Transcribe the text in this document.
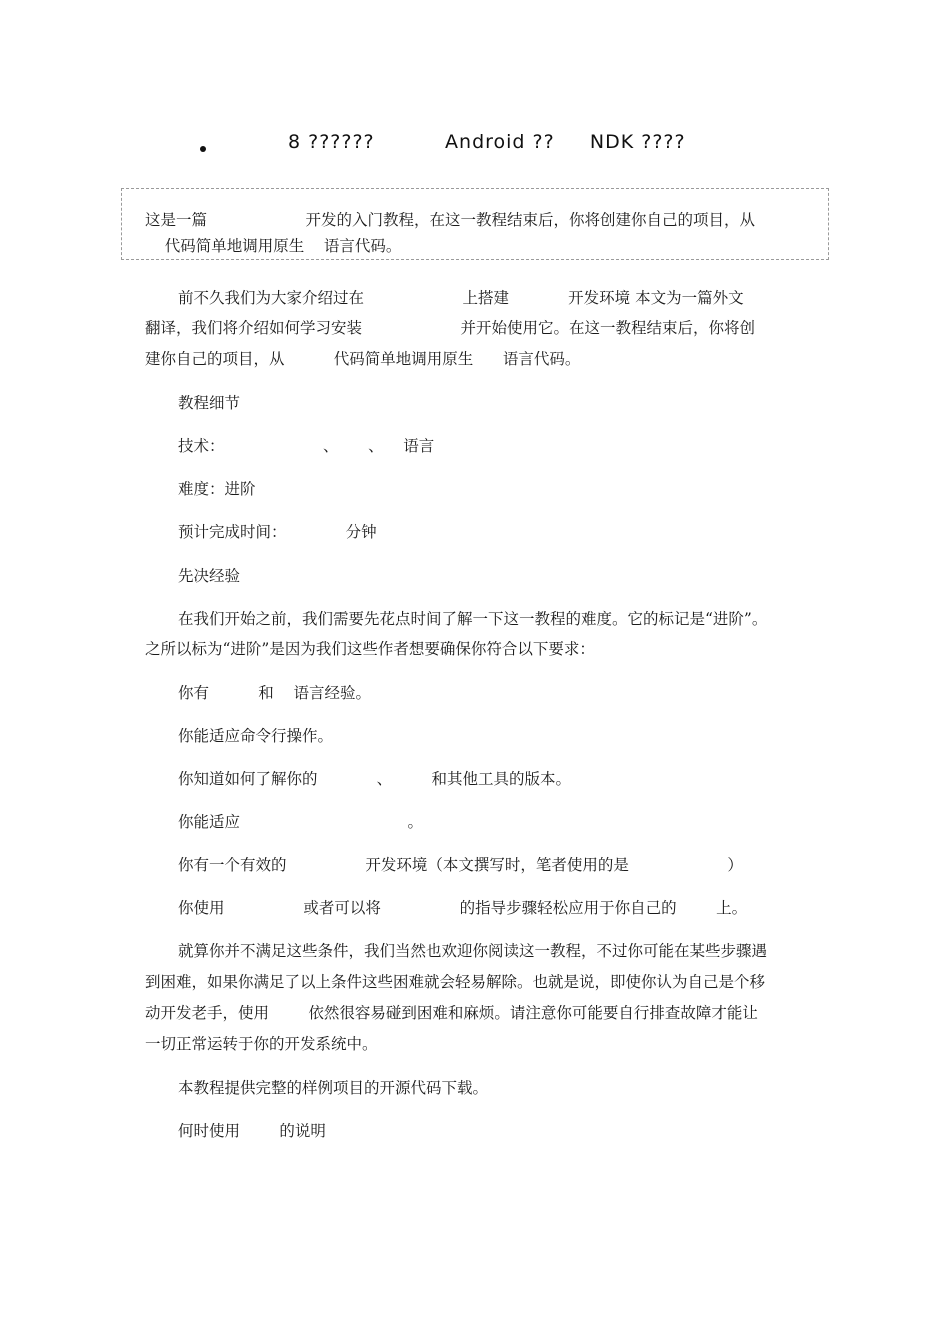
8 ??????          Android ??     NDK ????
这是一篇                    开发的入门教程，在这一教程结束后，你将创建你自己的项目，从
代码简单地调用原生    语言代码。
前不久我们为大家介绍过在                    上搭建            开发环境 本文为一篇外文
翻译，我们将介绍如何学习安装                    并开始使用它。在这一教程结束后，你将创
建你自己的项目，从          代码简单地调用原生      语言代码。
教程细节
技术：                    、      、    语言
难度：进阶
预计完成时间：            分钟
先决经验
在我们开始之前，我们需要先花点时间了解一下这一教程的难度。它的标记是“进阶”。
之所以标为“进阶”是因为我们这些作者想要确保你符合以下要求：
你有          和    语言经验。
你能适应命令行操作。
你知道如何了解你的            、        和其他工具的版本。
你能适应                                  。
你有一个有效的                开发环境（本文撰写时，笔者使用的是                    ）
你使用                或者可以将                的指导步骤轻松应用于你自己的        上。
就算你并不满足这些条件，我们当然也欢迎你阅读这一教程，不过你可能在某些步骤遇
到困难，如果你满足了以上条件这些困难就会轻易解除。也就是说，即使你认为自己是个移
动开发老手，使用        依然很容易碰到困难和麻烦。请注意你可能要自行排查故障才能让
一切正常运转于你的开发系统中。
本教程提供完整的样例项目的开源代码下载。
何时使用        的说明
